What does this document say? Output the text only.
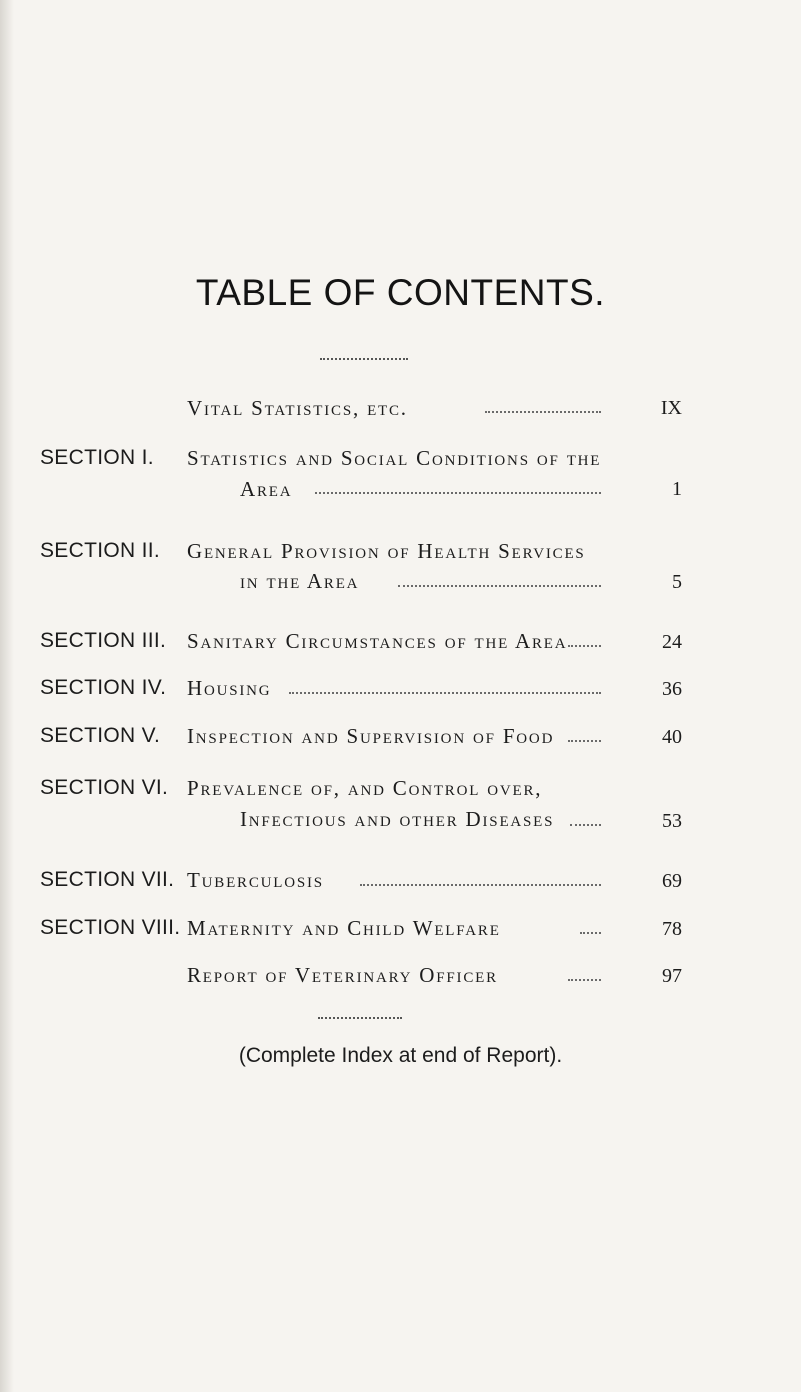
TABLE OF CONTENTS.
Vital Statistics, etc.	IX
SECTION I. Statistics and Social Conditions of the
Area	1
SECTION II. General Provision of Health Services
in the Area	5
SECTION III. Sanitary Circumstances of the Area	24
SECTION IV. Housing	36
SECTION V. Inspection and Supervision of Food	40
SECTION VI. Prevalence of, and Control over,
Infectious and other Diseases	53
SECTION VII. Tuberculosis	69
SECTION VIII. Maternity and Child Welfare	78
Report of Veterinary Officer	97
(Complete Index at end of Report).
